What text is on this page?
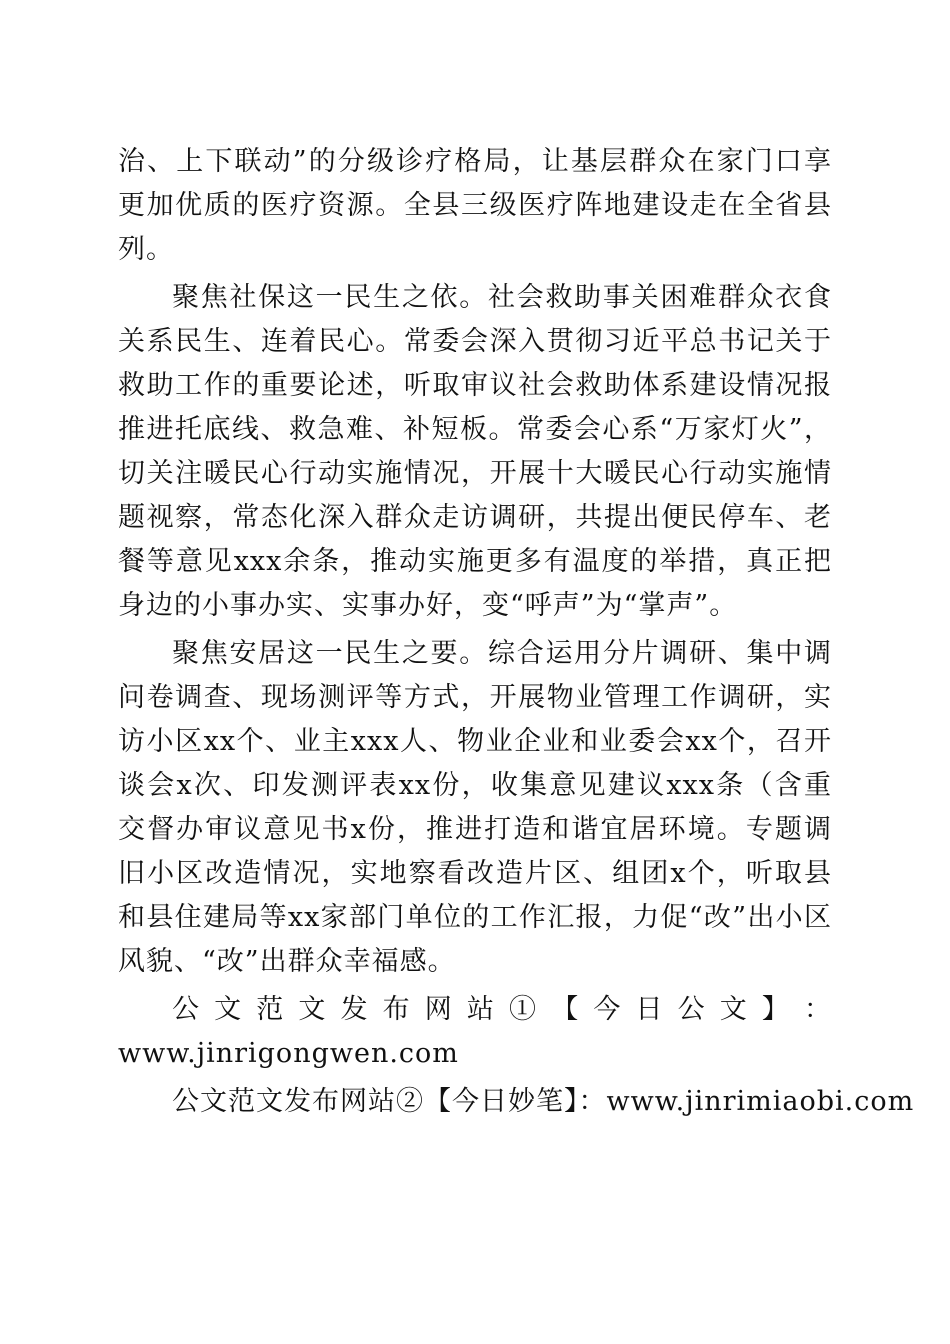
治、上下联动”的分级诊疗格局，让基层群众在家门口享
更加优质的医疗资源。全县三级医疗阵地建设走在全省县
列。
聚焦社保这一民生之依。社会救助事关困难群众衣食
关系民生、连着民心。常委会深入贯彻习近平总书记关于
救助工作的重要论述，听取审议社会救助体系建设情况报
推进托底线、救急难、补短板。常委会心系“万家灯火”，
切关注暖民心行动实施情况，开展十大暖民心行动实施情
题视察，常态化深入群众走访调研，共提出便民停车、老
餐等意见xxx余条，推动实施更多有温度的举措，真正把
身边的小事办实、实事办好，变“呼声”为“掌声”。
聚焦安居这一民生之要。综合运用分片调研、集中调
问卷调查、现场测评等方式，开展物业管理工作调研，实
访小区xx个、业主xxx人、物业企业和业委会xx个，召开
谈会x次、印发测评表xx份，收集意见建议xxx条（含重
交督办审议意见书x份，推进打造和谐宜居环境。专题调
旧小区改造情况，实地察看改造片区、组团x个，听取县
和县住建局等xx家部门单位的工作汇报，力促“改”出小区
风貌、“改”出群众幸福感。
公 文 范 文 发 布 网 站 ① 【 今 日 公 文 】 ：
www.jinrigongwen.com
公文范文发布网站②【今日妙笔】：www.jinrimiaobi.com
